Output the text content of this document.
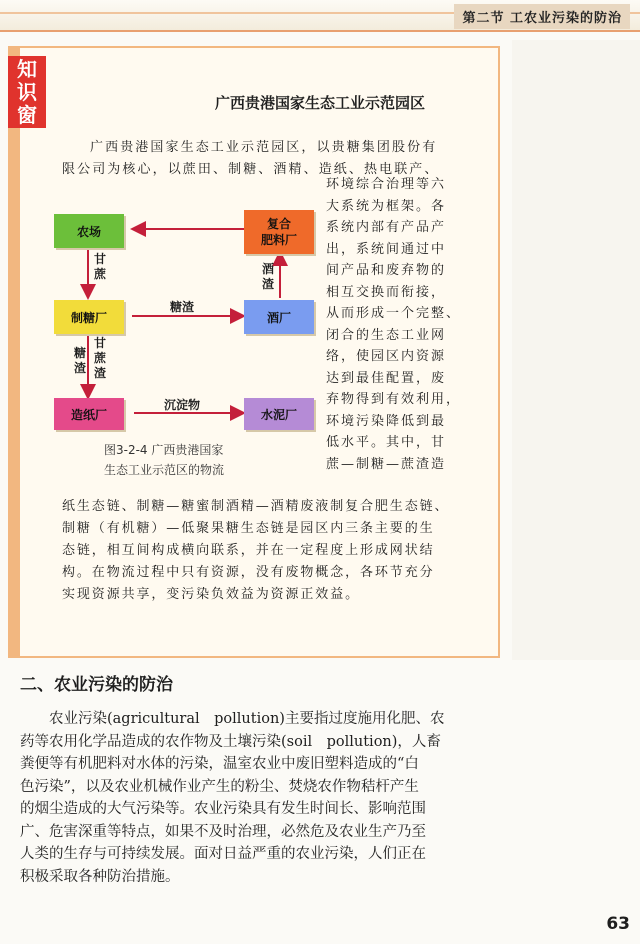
第二节 工农业污染的防治
知
识
窗	广西贵港国家生态工业示范园区
广西贵港国家生态工业示范园区，以贵糖集团股份有
限公司为核心，以蔗田、制糖、酒精、造纸、热电联产、
环境综合治理等六
大系统为框架。各
系统内部有产品产
出，系统间通过中
间产品和废弃物的
相互交换而衔接，
从而形成一个完整、
闭合的生态工业网
络，使园区内资源
达到最佳配置，废
弃物得到有效利用，
环境污染降低到最
低水平。其中，甘
蔗—制糖—蔗渣造
农场
复合
肥料厂
制糖厂	酒厂
造纸厂	水泥厂
甘
蔗
糖渣
糖
渣
甘
蔗
渣
酒
渣
沉淀物
图3-2-4 广西贵港国家
生态工业示范区的物流
纸生态链、制糖—糖蜜制酒精—酒精废液制复合肥生态链、
制糖（有机糖）—低聚果糖生态链是园区内三条主要的生
态链，相互间构成横向联系，并在一定程度上形成网状结
构。在物流过程中只有资源，没有废物概念，各环节充分
实现资源共享，变污染负效益为资源正效益。
二、农业污染的防治
　　农业污染(agricultural　pollution)主要指过度施用化肥、农
药等农用化学品造成的农作物及土壤污染(soil　pollution)，人畜
粪便等有机肥料对水体的污染，温室农业中废旧塑料造成的“白
色污染”，以及农业机械作业产生的粉尘、焚烧农作物秸杆产生
的烟尘造成的大气污染等。农业污染具有发生时间长、影响范围
广、危害深重等特点，如果不及时治理，必然危及农业生产乃至
人类的生存与可持续发展。面对日益严重的农业污染，人们正在
积极采取各种防治措施。
63
